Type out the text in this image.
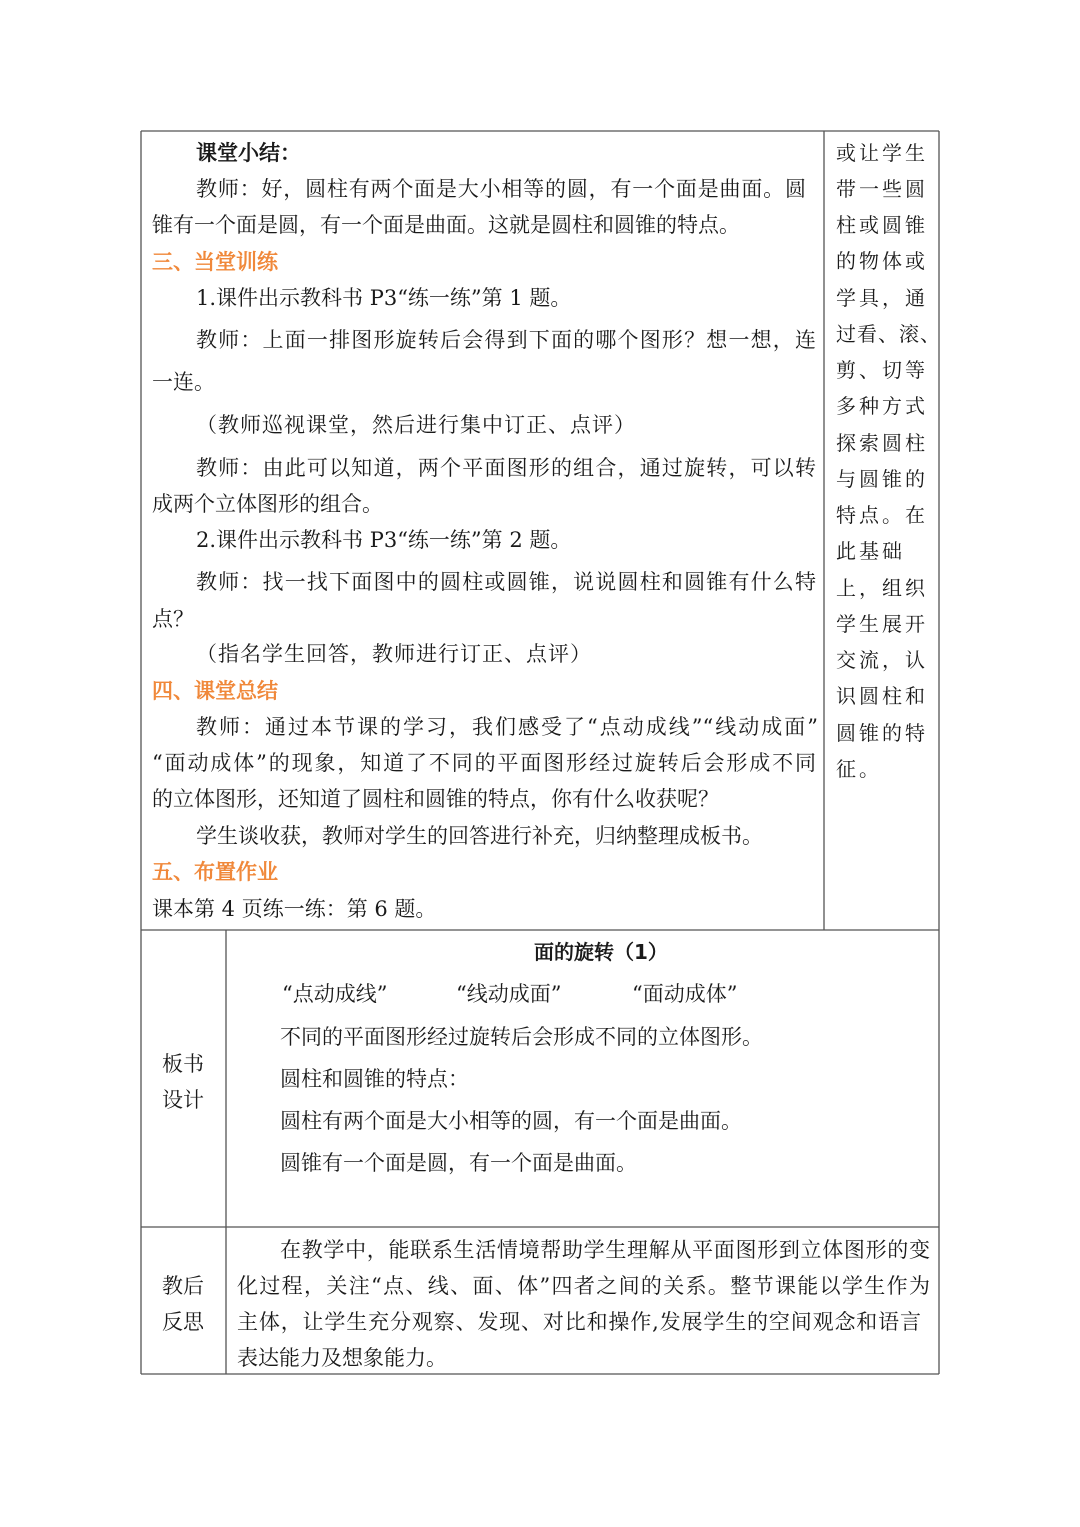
课堂小结：
教师：好，圆柱有两个面是大小相等的圆，有一个面是曲面。圆
锥有一个面是圆，有一个面是曲面。这就是圆柱和圆锥的特点。
三、当堂训练
1.课件出示教科书 P3“练一练”第 1 题。
教师：上面一排图形旋转后会得到下面的哪个图形？想一想，连
一连。
（教师巡视课堂，然后进行集中订正、点评）
教师：由此可以知道，两个平面图形的组合，通过旋转，可以转
成两个立体图形的组合。
2.课件出示教科书 P3“练一练”第 2 题。
教师：找一找下面图中的圆柱或圆锥，说说圆柱和圆锥有什么特
点？
（指名学生回答，教师进行订正、点评）
四、课堂总结
教师：通过本节课的学习，我们感受了“点动成线”“线动成面”
“面动成体”的现象，知道了不同的平面图形经过旋转后会形成不同
的立体图形，还知道了圆柱和圆锥的特点，你有什么收获呢？
学生谈收获，教师对学生的回答进行补充，归纳整理成板书。
五、布置作业
课本第 4 页练一练：第 6 题。
或让学生
带一些圆
柱或圆锥
的物体或
学具，通
过看、滚、
剪、切等
多种方式
探索圆柱
与圆锥的
特点。在
此基础
上，组织
学生展开
交流，认
识圆柱和
圆锥的特
征。
板书
设计
面的旋转（1）
“点动成线”	“线动成面”	“面动成体”
不同的平面图形经过旋转后会形成不同的立体图形。
圆柱和圆锥的特点：
圆柱有两个面是大小相等的圆，有一个面是曲面。
圆锥有一个面是圆，有一个面是曲面。
教后
反思
在教学中，能联系生活情境帮助学生理解从平面图形到立体图形的变
化过程，关注“点、线、面、体”四者之间的关系。整节课能以学生作为
主体，让学生充分观察、发现、对比和操作,发展学生的空间观念和语言
表达能力及想象能力。
